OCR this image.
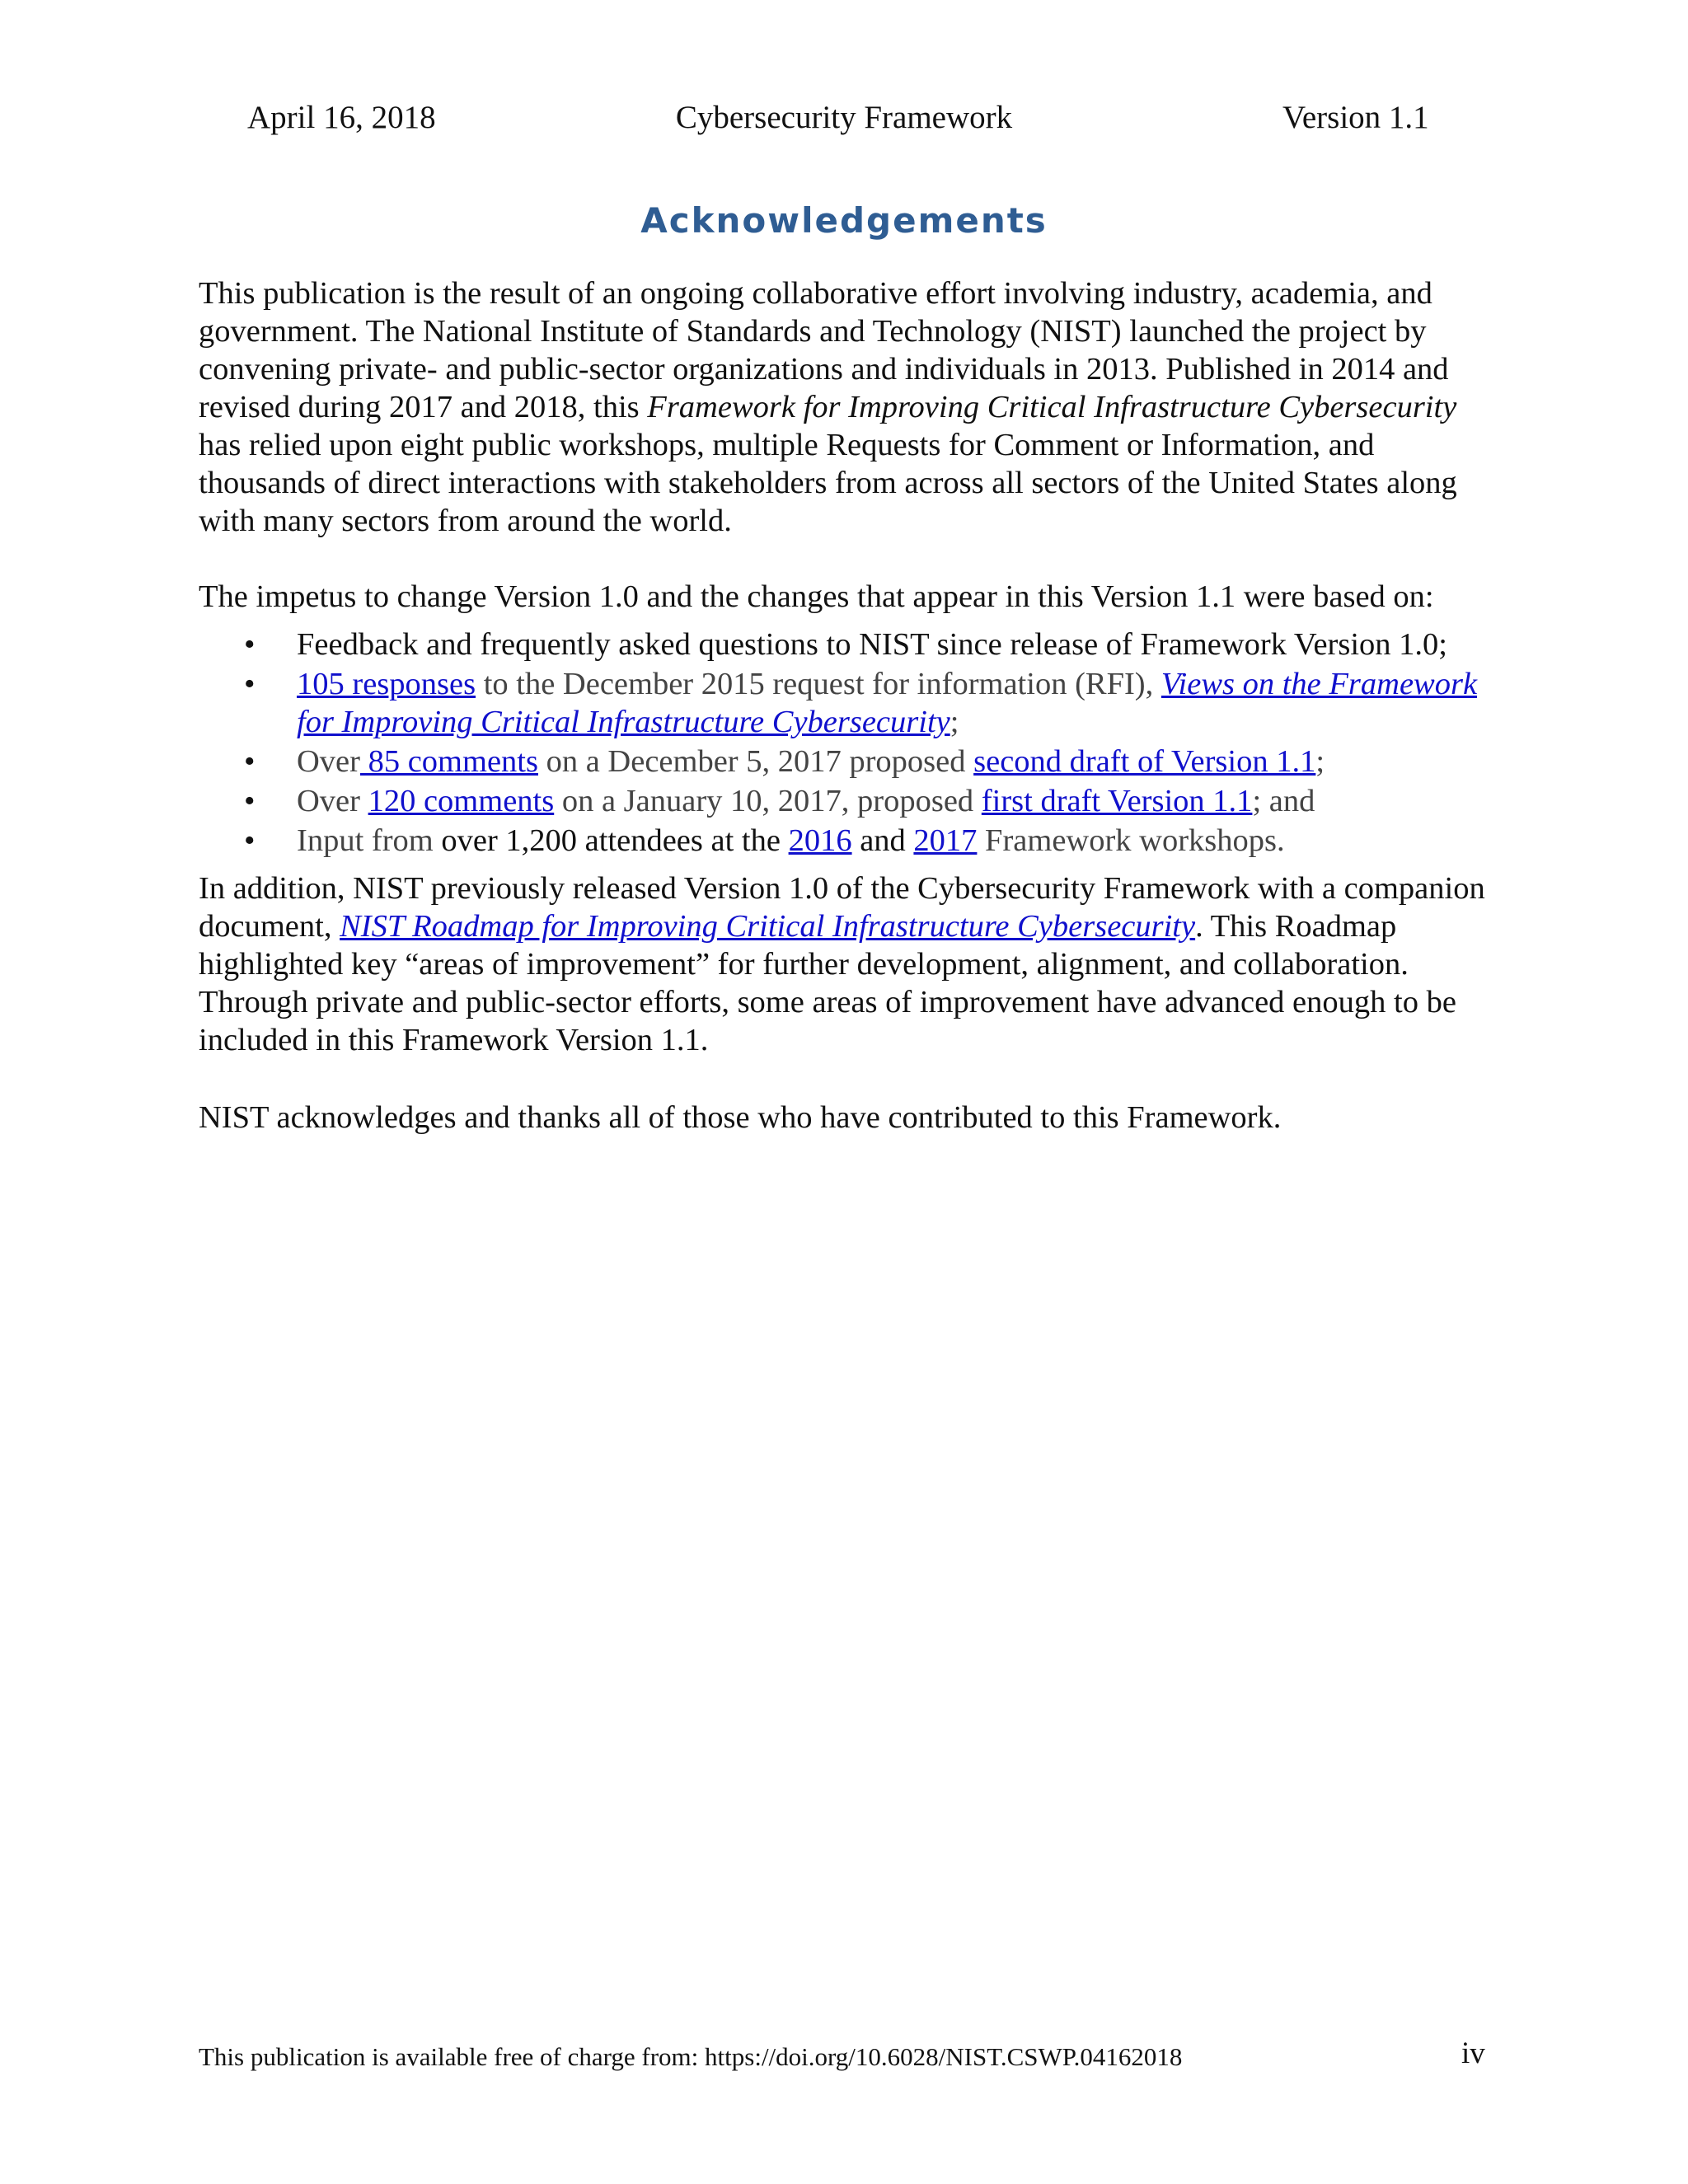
April 16, 2018	Cybersecurity Framework	Version 1.1
Acknowledgements

This publication is the result of an ongoing collaborative effort involving industry, academia, and government. The National Institute of Standards and Technology (NIST) launched the project by convening private- and public-sector organizations and individuals in 2013. Published in 2014 and revised during 2017 and 2018, this Framework for Improving Critical Infrastructure Cybersecurity has relied upon eight public workshops, multiple Requests for Comment or Information, and thousands of direct interactions with stakeholders from across all sectors of the United States along with many sectors from around the world.

The impetus to change Version 1.0 and the changes that appear in this Version 1.1 were based on:

• Feedback and frequently asked questions to NIST since release of Framework Version 1.0;
• 105 responses to the December 2015 request for information (RFI), Views on the Framework for Improving Critical Infrastructure Cybersecurity;
• Over 85 comments on a December 5, 2017 proposed second draft of Version 1.1;
• Over 120 comments on a January 10, 2017, proposed first draft Version 1.1; and
• Input from over 1,200 attendees at the 2016 and 2017 Framework workshops.

In addition, NIST previously released Version 1.0 of the Cybersecurity Framework with a companion document, NIST Roadmap for Improving Critical Infrastructure Cybersecurity. This Roadmap highlighted key “areas of improvement” for further development, alignment, and collaboration. Through private and public-sector efforts, some areas of improvement have advanced enough to be included in this Framework Version 1.1.

NIST acknowledges and thanks all of those who have contributed to this Framework.

This publication is available free of charge from: https://doi.org/10.6028/NIST.CSWP.04162018	iv
